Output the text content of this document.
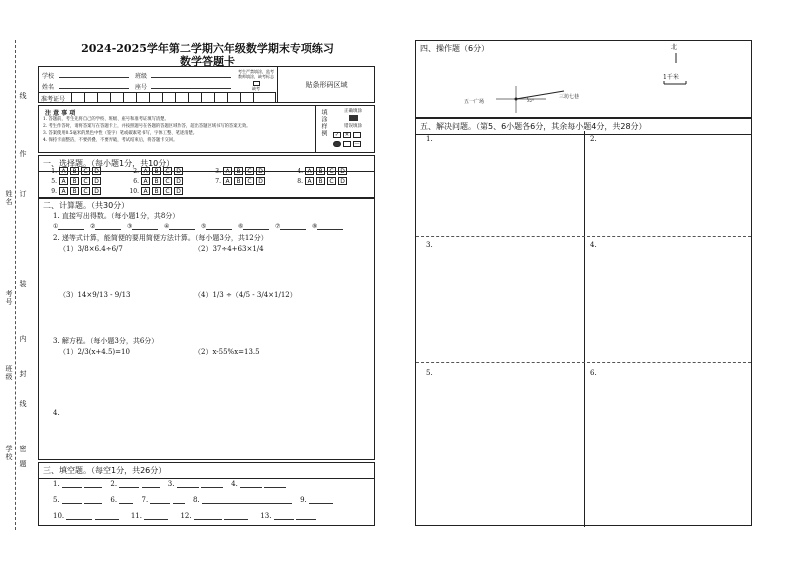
线
作
姓名 订
考号
装
内
班级 封
线
学校 密
题
2024-2025学年第二学期六年级数学期末专项练习
数学答题卡
学校	班级
姓名	座号
考生严禁填涂，监考教师填涂，缺考标志
缺考	贴条形码区域
准考证号
注 意 事 项
1. 答题前，考生先将自己的学校、班级、座号和准考证填写清楚。
2. 考生作答时，请将答案写在答题卡上，并按照题号在各题的答题区域作答，超出答题区域书写的答案无效。
3. 答案使用0.5毫米的黑色中性（签字）笔或碳素笔书写，字体工整、笔迹清楚。
4. 保持卡面整洁，不要折叠、不要弄破，考试结束后，将答题卡交回。
填涂样例	正确填涂
错误填涂
✓	✕
—
一、选择题。（每小题1分，共10分）
1. A	B	C	D	2. A	B	C	D	3. A	B	C	D	4. A	B	C	D
5. A	B	C	D	6. A	B	C	D	7. A	B	C	D	8. A	B	C	D
9. A	B	C	D	10. A	B	C	D
二、计算题。（共30分）
1. 直接写出得数。（每小题1分，共8分）
①	②	③	④	⑤	⑥	⑦	⑧
2. 递等式计算，能简便的要用简便方法计算。（每小题3分，共12分）
（1）3/8×6.4÷6/7	（2）37÷4+63×1/4
（3）14×9/13 - 9/13	（4）1/3 ÷（4/5 - 3/4×1/12）
3. 解方程。（每小题3分，共6分）
（1）2/3(x+4.5)=10	（2）x-55%x=13.5
4.
三、填空题。（每空1分，共26分）
1.	2.	3.	4.
5.	6.	7.	8.	9.
10.	11.	12.	13.
四、操作题（6分）	北
1千米
五一广场
三坊七巷
32°
五、解决问题。（第5、6小题各6分，其余每小题4分，共28分）
1.	2.
3.	4.
5.	6.
